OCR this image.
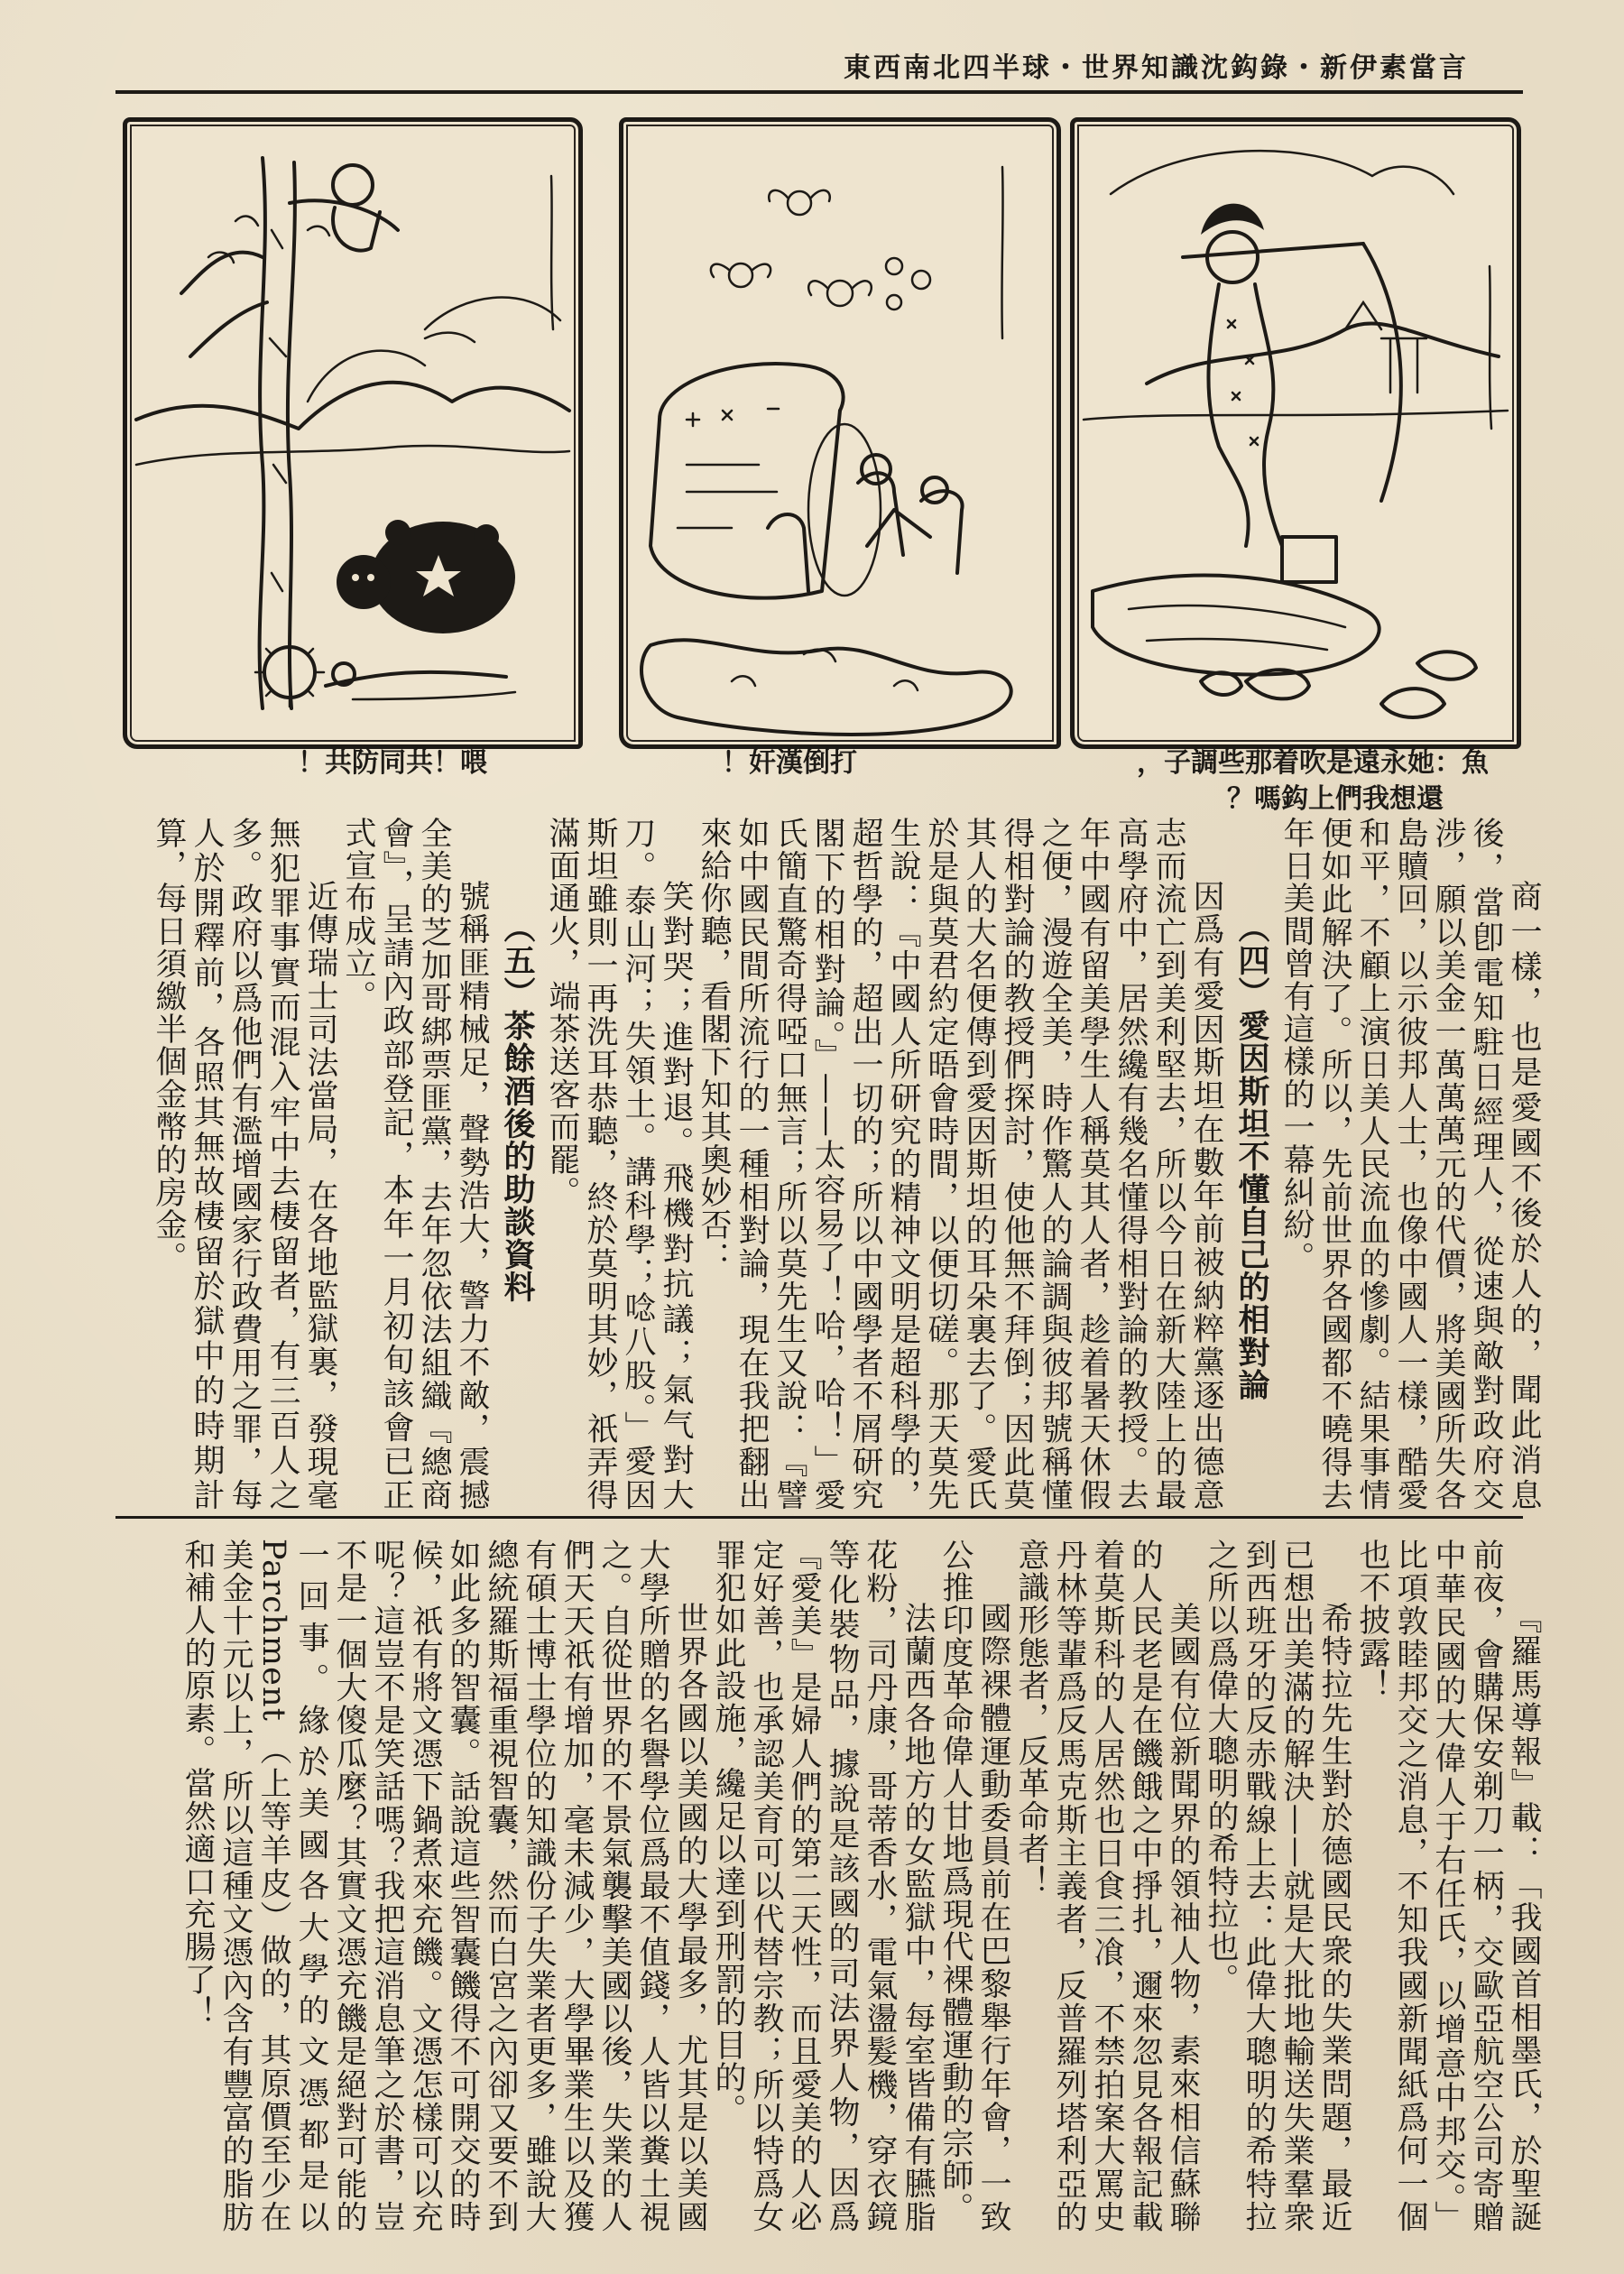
言當素伊新・錄鈎沈識知界世・球半四北南西東
喂！共同防共！	打倒漢奸！	魚：她永遠是吹着那些調子，
還想我們上鈎嗎？

商一樣，也是愛國不後於人的，聞此消息後，當卽電知駐日經理人，從速與敵對政府交涉，願以美金一萬萬萬元的代價，將美國所失各島贖回，以示彼邦人士，也像中國人一樣，酷愛和平，不顧上演日美人民流血的慘劇。結果事情便如此解決了。所以，先前世界各國都不曉得去年日美間曾有這樣的一幕糾紛。

（四）愛因斯坦不懂自己的相對論

因爲有愛因斯坦在數年前被納粹黨逐出德意志而流亡到美利堅去，所以今日在新大陸上的最高學府中，居然纔有幾名懂得相對論的教授。去年中國有留美學生人稱莫其人者，趁着暑天休假之便，漫遊全美，時作驚人的論調與彼邦號稱懂得相對論的教授們探討，使他無不拜倒；因此莫其人的大名便傳到愛因斯坦的耳朵裏去了。愛氏於是與莫君約定晤會時間，以便切磋。那天莫先生說：『中國人所研究的精神文明是超科學的，超哲學的，超出一切的；所以中國學者不屑研究閣下的相對論。』——太容易了！哈，哈！」愛氏簡直驚奇得啞口無言；所以莫先生又說：『譬如中國民間所流行的一種相對論，現在我把翻出來給你聽，看閣下知其奧妙否：

笑對哭；進對退。飛機對抗議；氣气對大刀。泰山河；失領土。講科學；唸八股。」愛因斯坦雖則一再洗耳恭聽，終於莫明其妙，祇弄得滿面通火，端茶送客而罷。

（五）茶餘酒後的助談資料

號稱匪精械足，聲勢浩大，警力不敵，震撼全美的芝加哥綁票匪黨，去年忽依法組織『總商會』，呈請內政部登記，本年一月初旬該會已正式宣布成立。

近傳瑞士司法當局，在各地監獄裏，發現毫無犯罪事實而混入牢中去棲留者，有三百人之多。政府以爲他們有濫增國家行政費用之罪，每人於開釋前，各照其無故棲留於獄中的時期計算，每日須繳半個金幣的房金。

『羅馬導報』載：「我國首相墨氏，於聖誕前夜，會購保安剃刀一柄，交歐亞航空公司寄贈中華民國的大偉人于右任氏，以增意中邦交。」比項敦睦邦交之消息，不知我國新聞紙爲何一個也不披露！

希特拉先生對於德國民衆的失業問題，最近已想出美滿的解決——就是大批地輸送失業羣衆到西班牙的反赤戰線上去：此偉大聰明的希特拉之所以爲偉大聰明的希特拉也。

美國有位新聞界的領袖人物，素來相信蘇聯的人民老是在饑餓之中掙扎，邇來忽見各報記載着莫斯科的人居然也日食三飡，不禁拍案大罵史丹林等輩爲反馬克斯主義者，反普羅列塔利亞的意識形態者，反革命者！

國際裸體運動委員前在巴黎舉行年會，一致公推印度革命偉人甘地爲現代裸體運動的宗師。

法蘭西各地方的女監獄中，每室皆備有臙脂花粉，司丹康，哥蒂香水，電氣盪髮機，穿衣鏡等化裝物品，據說是該國的司法界人物，因爲『愛美』是婦人們的第二天性，而且愛美的人必定好善，也承認美育可以代替宗教；所以特爲女罪犯如此設施，纔足以達到刑罰的目的。

世界各國以美國的大學最多，尤其是以美國大學所贈的名譽學位爲最不值錢，人皆以糞土視之。自從世界的不景氣襲擊美國以後，失業的人們天天祇有增加，毫未減少，大學畢業生以及獲有碩士博士學位的知識份子失業者更多，雖說大總統羅斯福重視智囊，然而白宮之內卻又要不到如此多的智囊。話說這些智囊饑得不可開交的時候，祇有將文憑下鍋煮來充饑。文憑怎樣可以充呢？這豈不是笑話嗎？我把這消息筆之於書，豈不是一個大傻瓜麼？其實文憑充饑是絕對可能的一回事。緣於美國各大學的文憑都是以 Parchment （上等羊皮）做的，其原價至少在美金十元以上，所以這種文憑內含有豐富的脂肪和補人的原素。當然適口充腸了！
